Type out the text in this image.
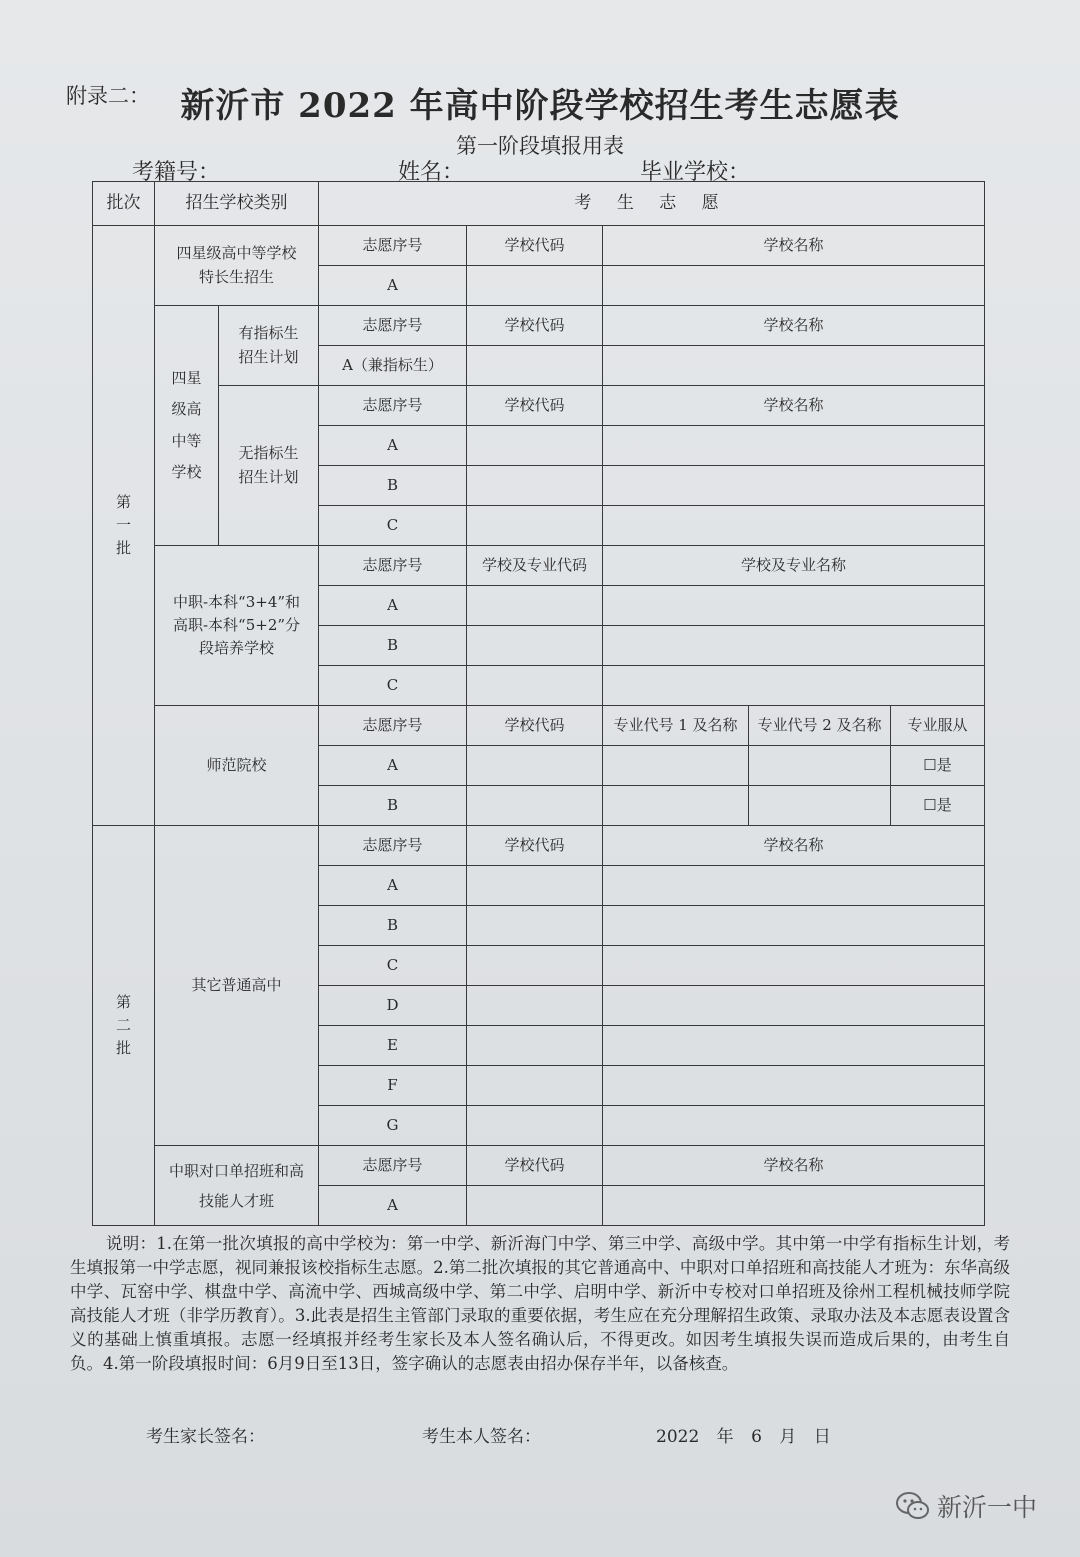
附录二： 新沂市 2022 年高中阶段学校招生考生志愿表
第一阶段填报用表
考籍号：	姓名：	毕业学校：
批次	招生学校类别		考 生 志 愿				
第
一
批	四星级高中等学校特长生招生		志愿序号	学校代码	学校名称		
			A				
	四星
级高
中等
学校	有指标生招生计划	志愿序号	学校代码	学校名称		
			A（兼指标生）				
		无指标生招生计划	志愿序号	学校代码	学校名称		
			A				
			B				
			C				
	中职-本科“3+4”和高职-本科“5+2”分段培养学校		志愿序号	学校及专业代码	学校及专业名称		
			A				
			B				
			C				
	师范院校		志愿序号	学校代码	专业代号 1 及名称	专业代号 2 及名称	专业服从
			A				☐是
			B				☐是
第
二
批	其它普通高中		志愿序号	学校代码	学校名称		
			A				
			B				
			C				
			D				
			E				
			F				
			G				
	中职对口单招班和高技能人才班		志愿序号	学校代码	学校名称		
			A				
说明：1.在第一批次填报的高中学校为：第一中学、新沂海门中学、第三中学、高级中学。其中第一中学有指标生计划，考生填报第一中学志愿，视同兼报该校指标生志愿。2.第二批次填报的其它普通高中、中职对口单招班和高技能人才班为：东华高级中学、瓦窑中学、棋盘中学、高流中学、西城高级中学、第二中学、启明中学、新沂中专校对口单招班及徐州工程机械技师学院高技能人才班（非学历教育）。3.此表是招生主管部门录取的重要依据，考生应在充分理解招生政策、录取办法及本志愿表设置含义的基础上慎重填报。志愿一经填报并经考生家长及本人签名确认后，不得更改。如因考生填报失误而造成后果的，由考生自负。4.第一阶段填报时间：6月9日至13日，签字确认的志愿表由招办保存半年，以备核查。
考生家长签名：	考生本人签名：	2022 年 6 月 日
新沂一中
